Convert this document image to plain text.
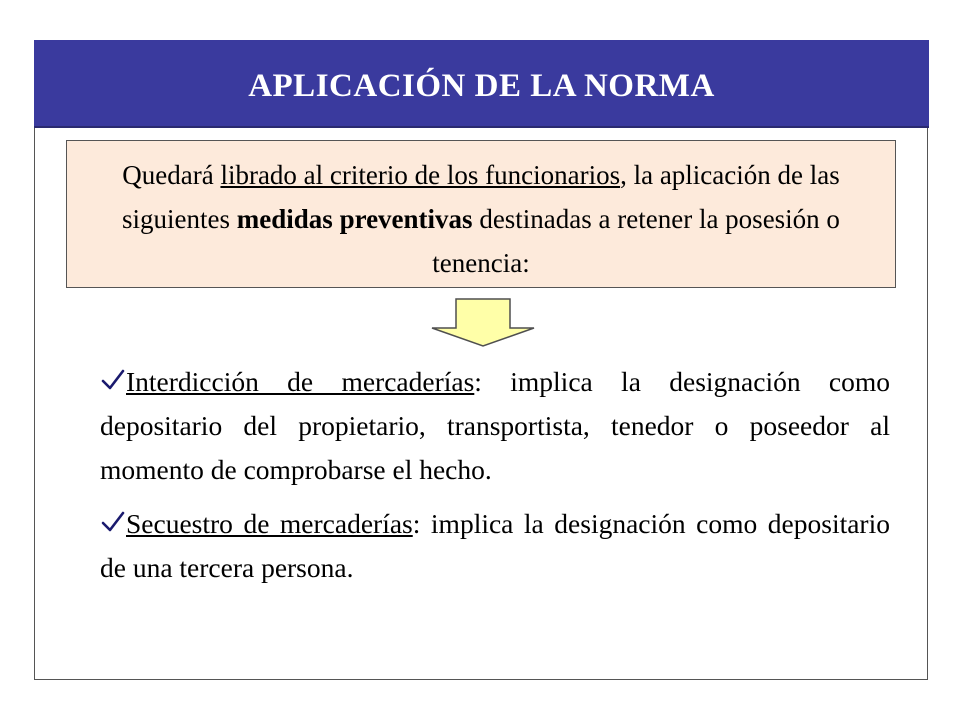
APLICACIÓN DE LA NORMA
Quedará librado al criterio de los funcionarios, la aplicación de las siguientes medidas preventivas destinadas a retener la posesión o tenencia:
Interdicción de mercaderías: implica la designación como depositario del propietario, transportista, tenedor o poseedor al momento de comprobarse el hecho.
Secuestro de mercaderías: implica la designación como depositario de una tercera persona.
